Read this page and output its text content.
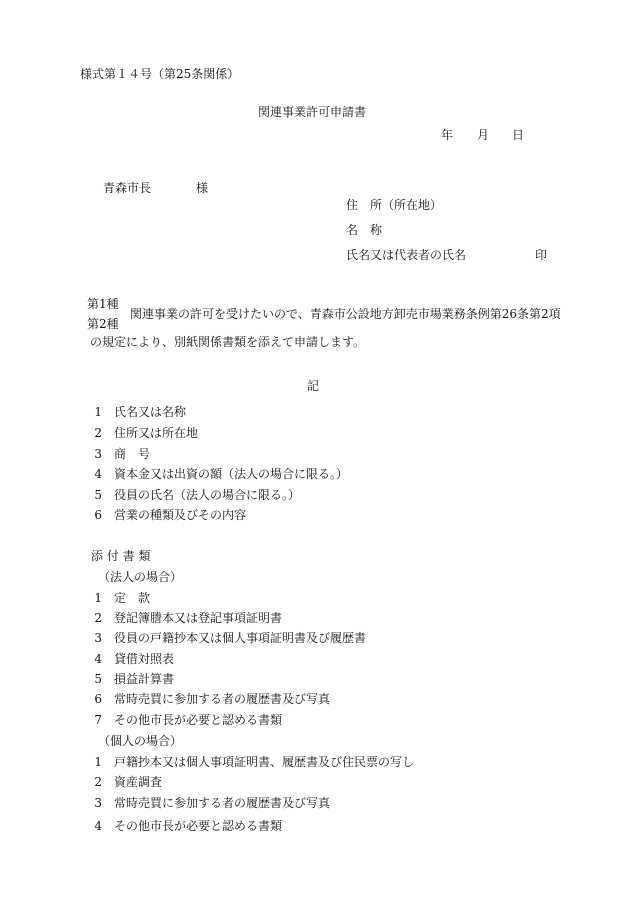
様式第１４号（第25条関係）
関連事業許可申請書
年 月 日
青森市長	様
住　所（所在地）
名　称
氏名又は代表者の氏名	印
第1種
第2種
関連事業の許可を受けたいので、青森市公設地方卸売市場業務条例第26条第2項
の規定により、別紙関係書類を添えて申請します。
記
1 氏名又は名称
2 住所又は所在地
3 商　号
4 資本金又は出資の額（法人の場合に限る。）
5 役員の氏名（法人の場合に限る。）
6 営業の種類及びその内容
添 付 書 類
（法人の場合）
1 定　款
2 登記簿謄本又は登記事項証明書
3 役員の戸籍抄本又は個人事項証明書及び履歴書
4 貸借対照表
5 損益計算書
6 常時売買に参加する者の履歴書及び写真
7 その他市長が必要と認める書類
（個人の場合）
1 戸籍抄本又は個人事項証明書、履歴書及び住民票の写し
2 資産調査
3 常時売買に参加する者の履歴書及び写真
4 その他市長が必要と認める書類
